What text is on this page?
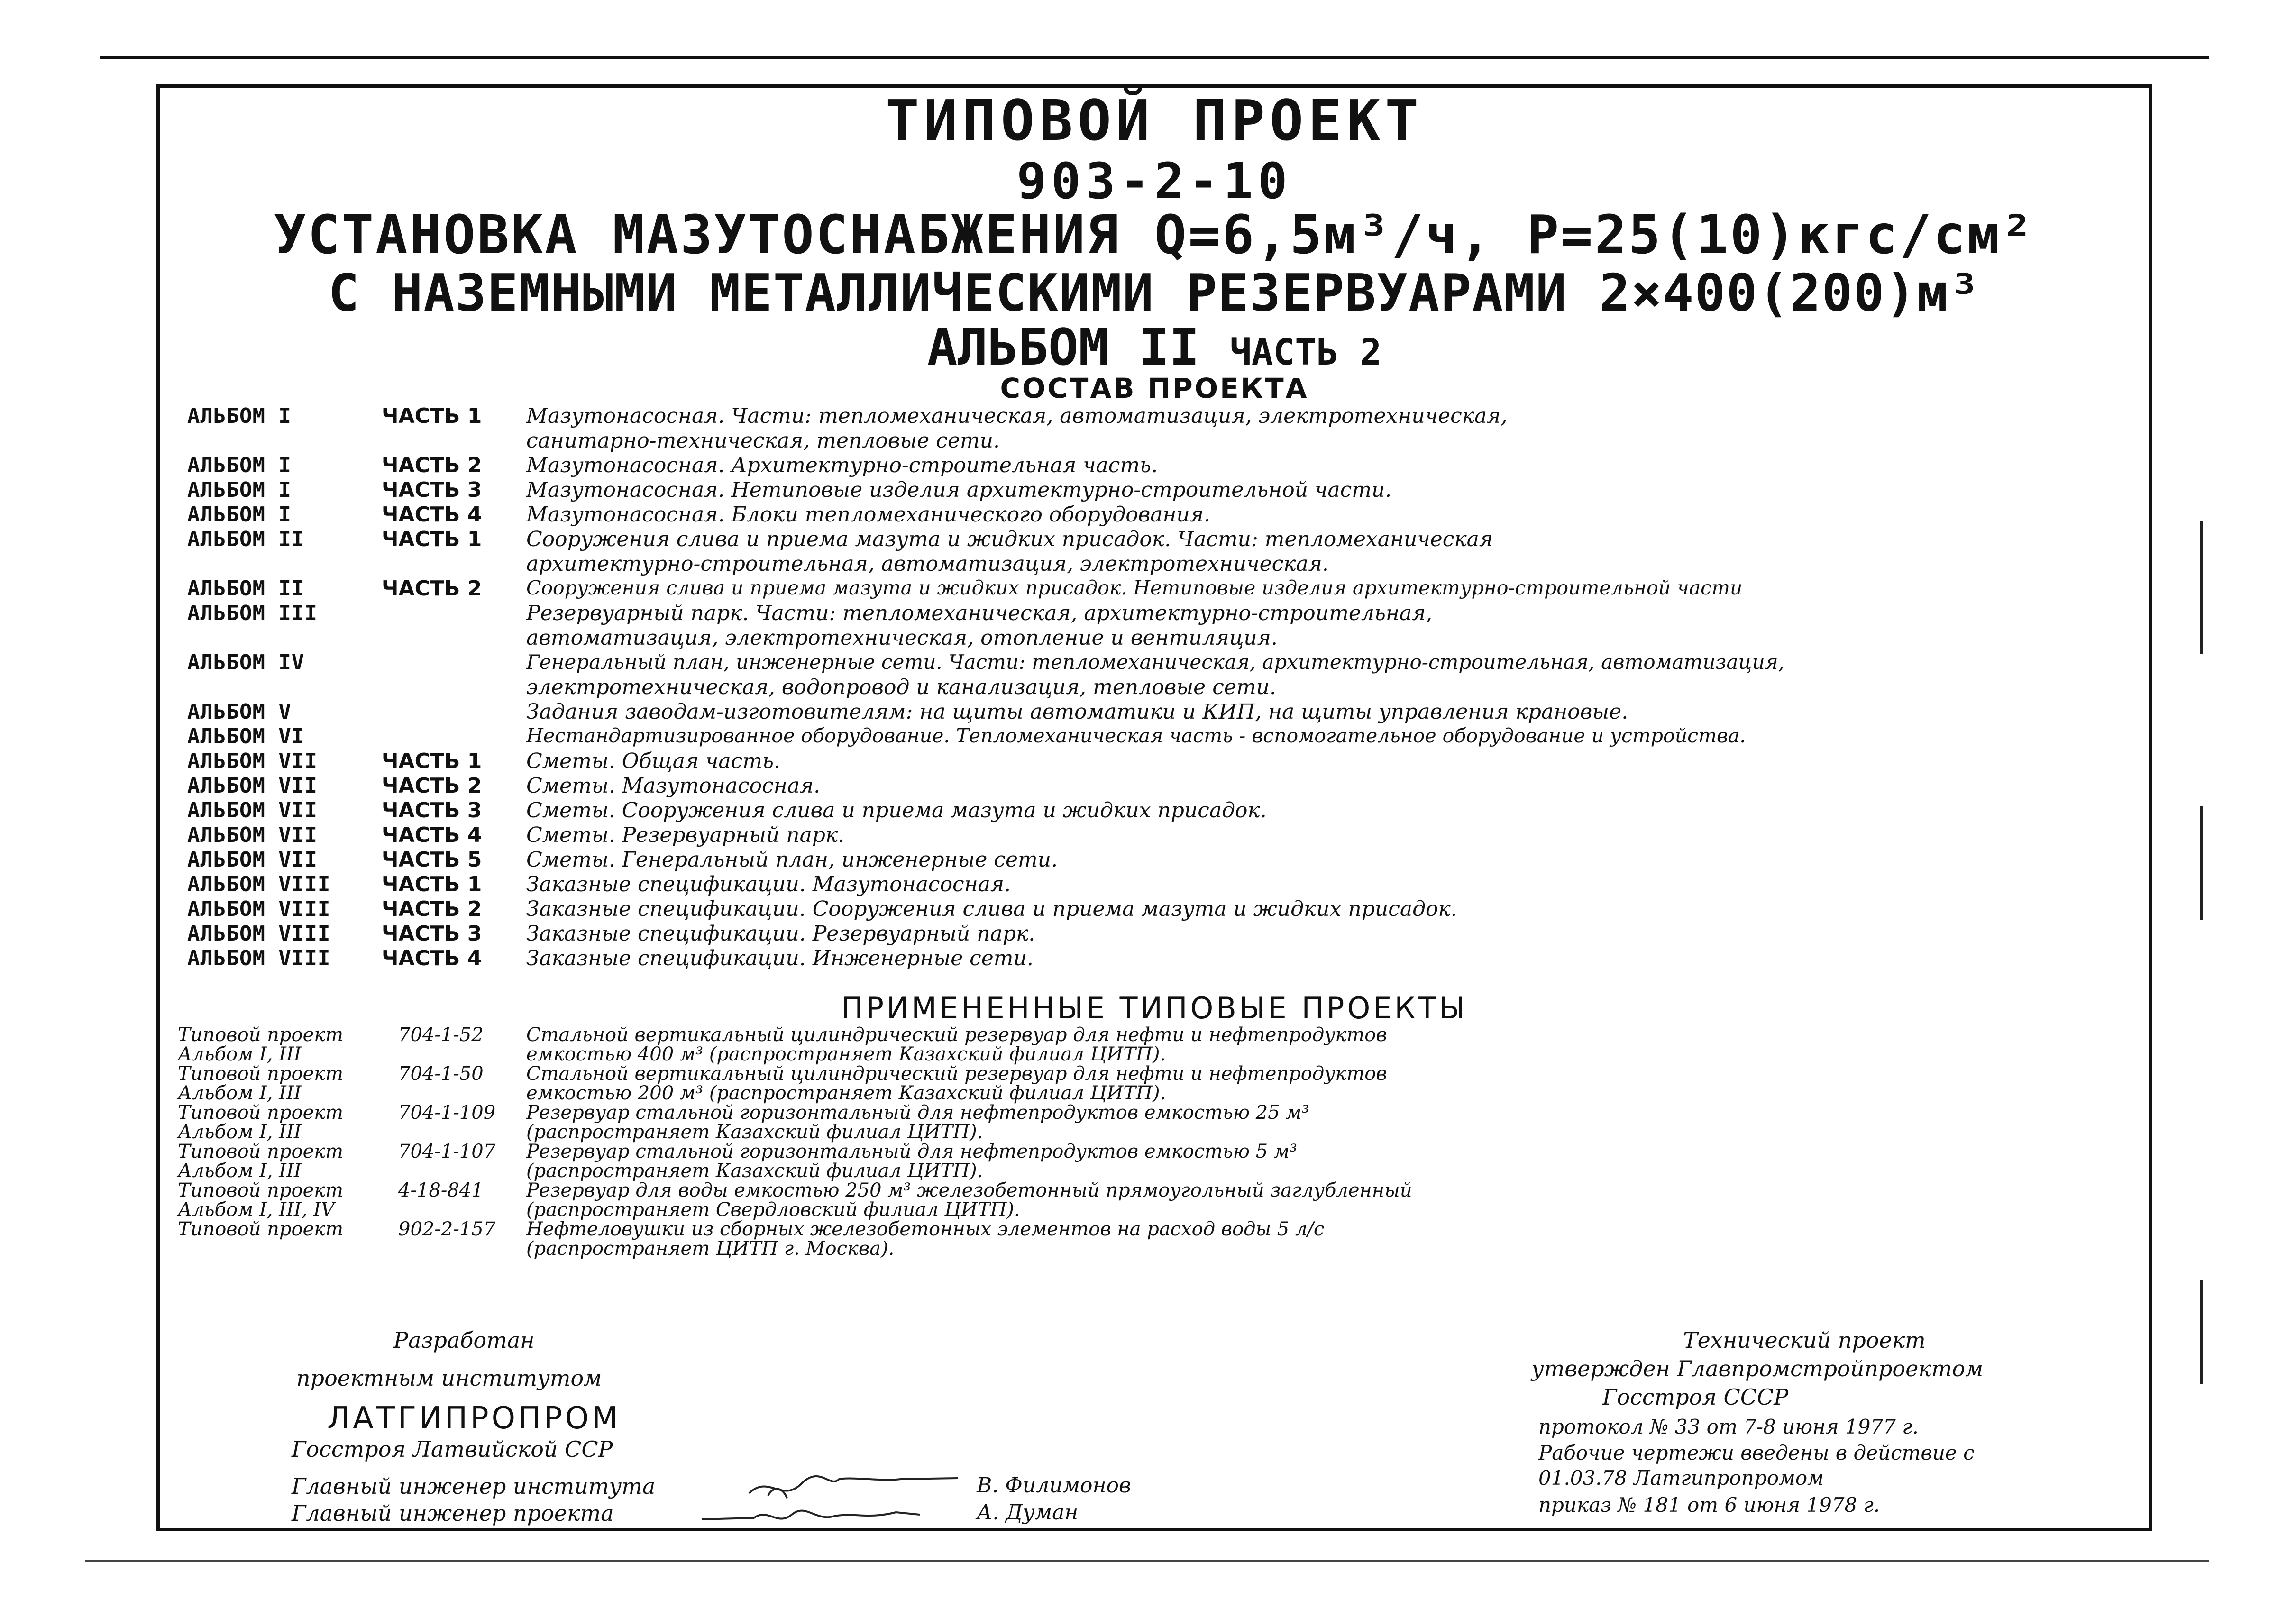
ТИПОВОЙ ПРОЕКТ
903-2-10
УСТАНОВКА МАЗУТОСНАБЖЕНИЯ Q=6,5м³/ч, Р=25(10)кгс/см²
С НАЗЕМНЫМИ МЕТАЛЛИЧЕСКИМИ РЕЗЕРВУАРАМИ 2×400(200)м³
АЛЬБОМ II ЧАСТЬ 2
СОСТАВ ПРОЕКТА
АЛЬБОМ I	ЧАСТЬ 1	Мазутонасосная. Части: тепломеханическая, автоматизация, электротехническая,
санитарно-техническая, тепловые сети.
АЛЬБОМ I	ЧАСТЬ 2	Мазутонасосная. Архитектурно-строительная часть.
АЛЬБОМ I	ЧАСТЬ 3	Мазутонасосная. Нетиповые изделия архитектурно-строительной части.
АЛЬБОМ I	ЧАСТЬ 4	Мазутонасосная. Блоки тепломеханического оборудования.
АЛЬБОМ II	ЧАСТЬ 1	Сооружения слива и приема мазута и жидких присадок. Части: тепломеханическая
архитектурно-строительная, автоматизация, электротехническая.
АЛЬБОМ II	ЧАСТЬ 2	Сооружения слива и приема мазута и жидких присадок. Нетиповые изделия архитектурно-строительной части
АЛЬБОМ III	Резервуарный парк. Части: тепломеханическая, архитектурно-строительная,
автоматизация, электротехническая, отопление и вентиляция.
АЛЬБОМ IV	Генеральный план, инженерные сети. Части: тепломеханическая, архитектурно-строительная, автоматизация,
электротехническая, водопровод и канализация, тепловые сети.
АЛЬБОМ V	Задания заводам-изготовителям: на щиты автоматики и КИП, на щиты управления крановые.
АЛЬБОМ VI	Нестандартизированное оборудование. Тепломеханическая часть - вспомогательное оборудование и устройства.
АЛЬБОМ VII	ЧАСТЬ 1	Сметы. Общая часть.
АЛЬБОМ VII	ЧАСТЬ 2	Сметы. Мазутонасосная.
АЛЬБОМ VII	ЧАСТЬ 3	Сметы. Сооружения слива и приема мазута и жидких присадок.
АЛЬБОМ VII	ЧАСТЬ 4	Сметы. Резервуарный парк.
АЛЬБОМ VII	ЧАСТЬ 5	Сметы. Генеральный план, инженерные сети.
АЛЬБОМ VIII	ЧАСТЬ 1	Заказные спецификации. Мазутонасосная.
АЛЬБОМ VIII	ЧАСТЬ 2	Заказные спецификации. Сооружения слива и приема мазута и жидких присадок.
АЛЬБОМ VIII	ЧАСТЬ 3	Заказные спецификации. Резервуарный парк.
АЛЬБОМ VIII	ЧАСТЬ 4	Заказные спецификации. Инженерные сети.
ПРИМЕНЕННЫЕ ТИПОВЫЕ ПРОЕКТЫ
Типовой проект	704-1-52 Стальной вертикальный цилиндрический резервуар для нефти и нефтепродуктов
Альбом I, III	емкостью 400 м³ (распространяет Казахский филиал ЦИТП).
Типовой проект	704-1-50 Стальной вертикальный цилиндрический резервуар для нефти и нефтепродуктов
Альбом I, III	емкостью 200 м³ (распространяет Казахский филиал ЦИТП).
Типовой проект	704-1-109 Резервуар стальной горизонтальный для нефтепродуктов емкостью 25 м³
Альбом I, III	(распространяет Казахский филиал ЦИТП).
Типовой проект	704-1-107 Резервуар стальной горизонтальный для нефтепродуктов емкостью 5 м³
Альбом I, III	(распространяет Казахский филиал ЦИТП).
Типовой проект	4-18-841 Резервуар для воды емкостью 250 м³ железобетонный прямоугольный заглубленный
Альбом I, III, IV	(распространяет Свердловский филиал ЦИТП).
Типовой проект	902-2-157 Нефтеловушки из сборных железобетонных элементов на расход воды 5 л/с
(распространяет ЦИТП г. Москва).
Разработан
проектным институтом
ЛАТГИПРОПРОМ
Госстроя Латвийской ССР
Главный инженер института
Главный инженер проекта
В. Филимонов
А. Думан
Технический проект
утвержден Главпромстройпроектом
Госстроя СССР
протокол № 33 от 7-8 июня 1977 г.
Рабочие чертежи введены в действие с
01.03.78 Латгипропромом
приказ № 181 от 6 июня 1978 г.
